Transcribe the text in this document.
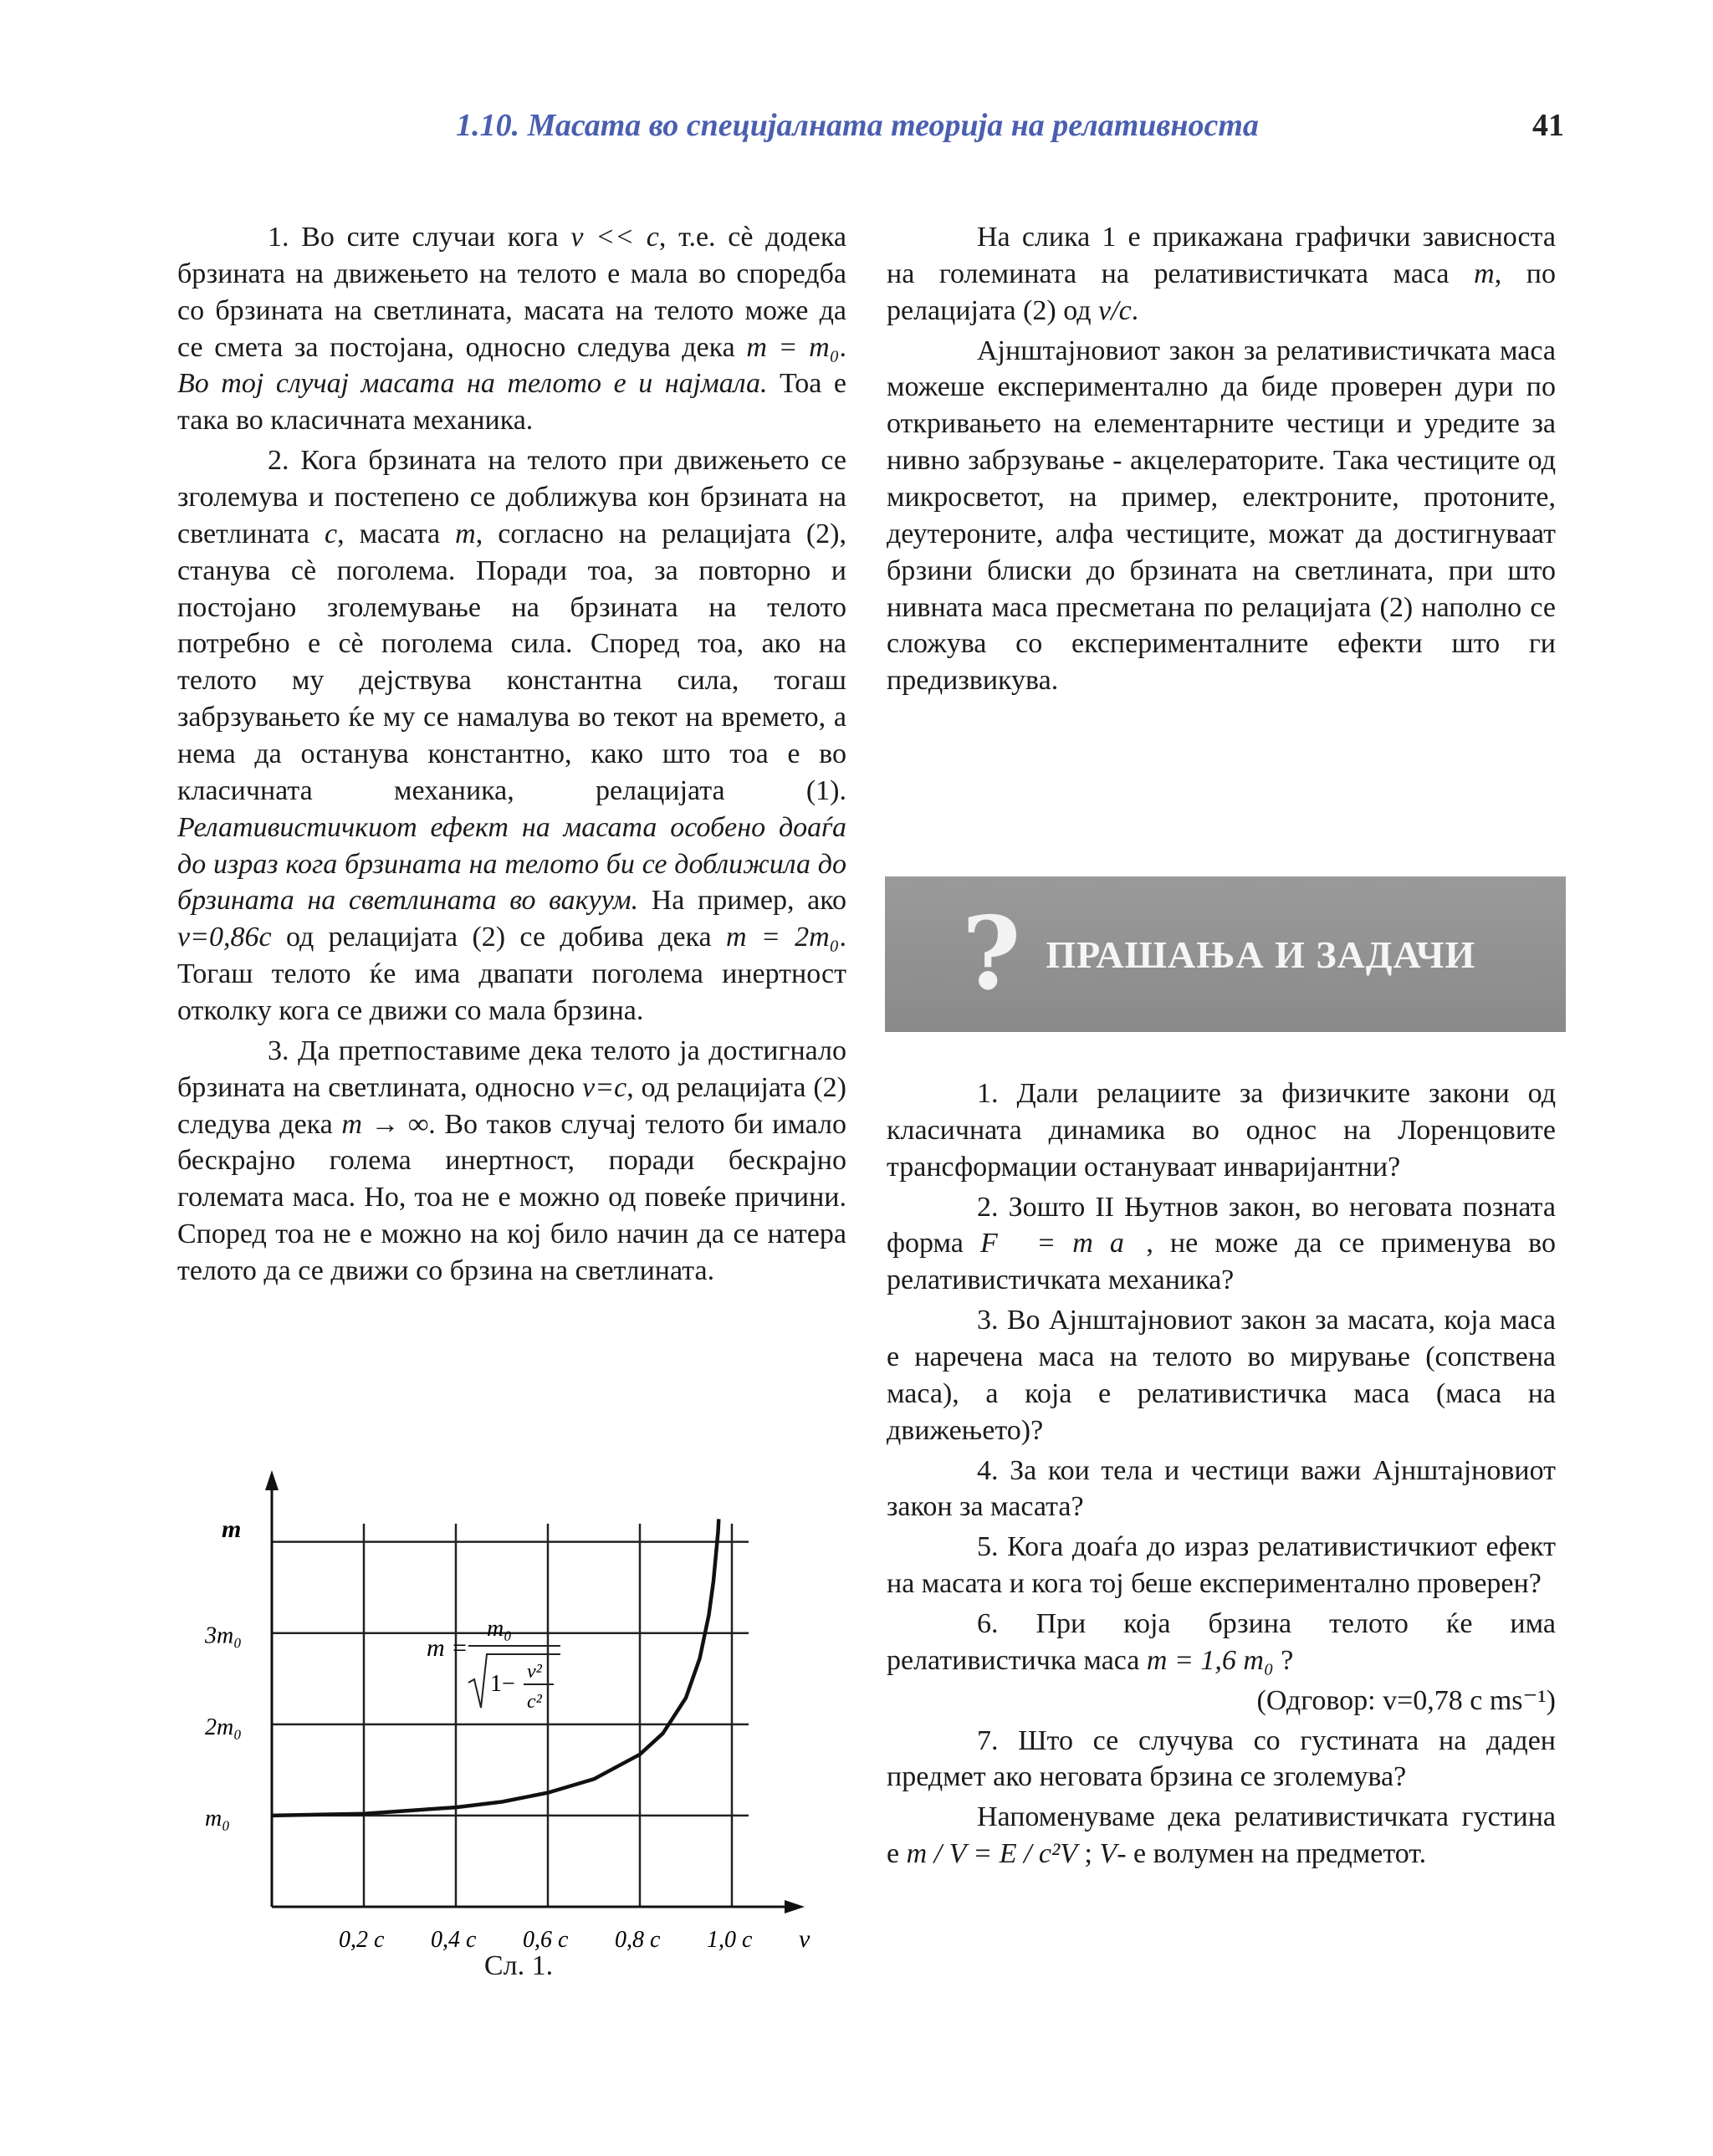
1.10. Масата во специјалната теорија на релативноста	41

1. Во сите случаи кога v << c, т.е. сè додека брзината на движењето на телото е мала во споредба со брзината на светлината, масата на телото може да се смета за постојана, односно следува дека m = m₀. Во тој случај масата на телото е и најмала. Тоа е така во класичната механика.

2. Кога брзината на телото при движењето се зголемува и постепено се доближува кон брзината на светлината c, масата m, согласно на релацијата (2), станува сè поголема. Поради тоа, за повторно и постојано зголемување на брзината на телото потребно е сè поголема сила. Според тоа, ако на телото му дејствува константна сила, тогаш забрзувањето ќе му се намалува во текот на времето, а нема да останува константно, како што тоа е во класичната механика, релацијата (1). Релативистичкиот ефект на масата особено доаѓа до израз кога брзината на телото би се доближила до брзината на светлината во вакуум. На пример, ако v=0,86c од релацијата (2) се добива дека m = 2m₀. Тогаш телото ќе има двапати поголема инертност отколку кога се движи со мала брзина.

3. Да претпоставиме дека телото ја достигнало брзината на светлината, односно v=c, од релацијата (2) следува дека m → ∞. Во таков случај телото би имало бескрајно голема инертност, поради бескрајно големата маса. Но, тоа не е можно од повеќе причини. Според тоа не е можно на кој било начин да се натера телото да се движи со брзина на светлината.

На слика 1 е прикажана графички зависноста на големината на релативистичката маса m, по релацијата (2) од v/c.

Ајнштајновиот закон за релативистичката маса можеше експериментално да биде проверен дури по откривањето на елементарните честици и уредите за нивно забрзување - акцелераторите. Така честиците од микросветот, на пример, електроните, протоните, деутероните, алфа честиците, можат да достигнуваат брзини блиски до брзината на светлината, при што нивната маса пресметана по релацијата (2) наполно се сложува со експерименталните ефекти што ги предизвикува.

? ПРАШАЊА И ЗАДАЧИ

1. Дали релациите за физичките закони од класичната динамика во однос на Лоренцовите трансформации остануваат инваријантни?

2. Зошто II Њутнов закон, во неговата позната форма F⃗ = m a⃗, не може да се применува во релативистичката механика?

3. Во Ајнштајновиот закон за масата, која маса е наречена маса на телото во мирување (сопствена маса), а која е релативистичка маса (маса на движењето)?

4. За кои тела и честици важи Ајнштајновиот закон за масата?

5. Кога доаѓа до израз релативистичкиот ефект на масата и кога тој беше експериментално проверен?

6. При која брзина телото ќе има релативистичка маса m = 1,6 m₀ ?

(Одговор: v=0,78 c ms⁻¹)

7. Што се случува со густината на даден предмет ако неговата брзина се зголемува?

Напоменуваме дека релативистичката густина е m / V = E / c²V ; V- е волумен на предметот.

0,2 c 0,4 c 0,6 c 0,8 c 1,0 c
m₀
2m₀
3m₀
v
m
m =
m₀
1− v²
c²
Сл. 1.
